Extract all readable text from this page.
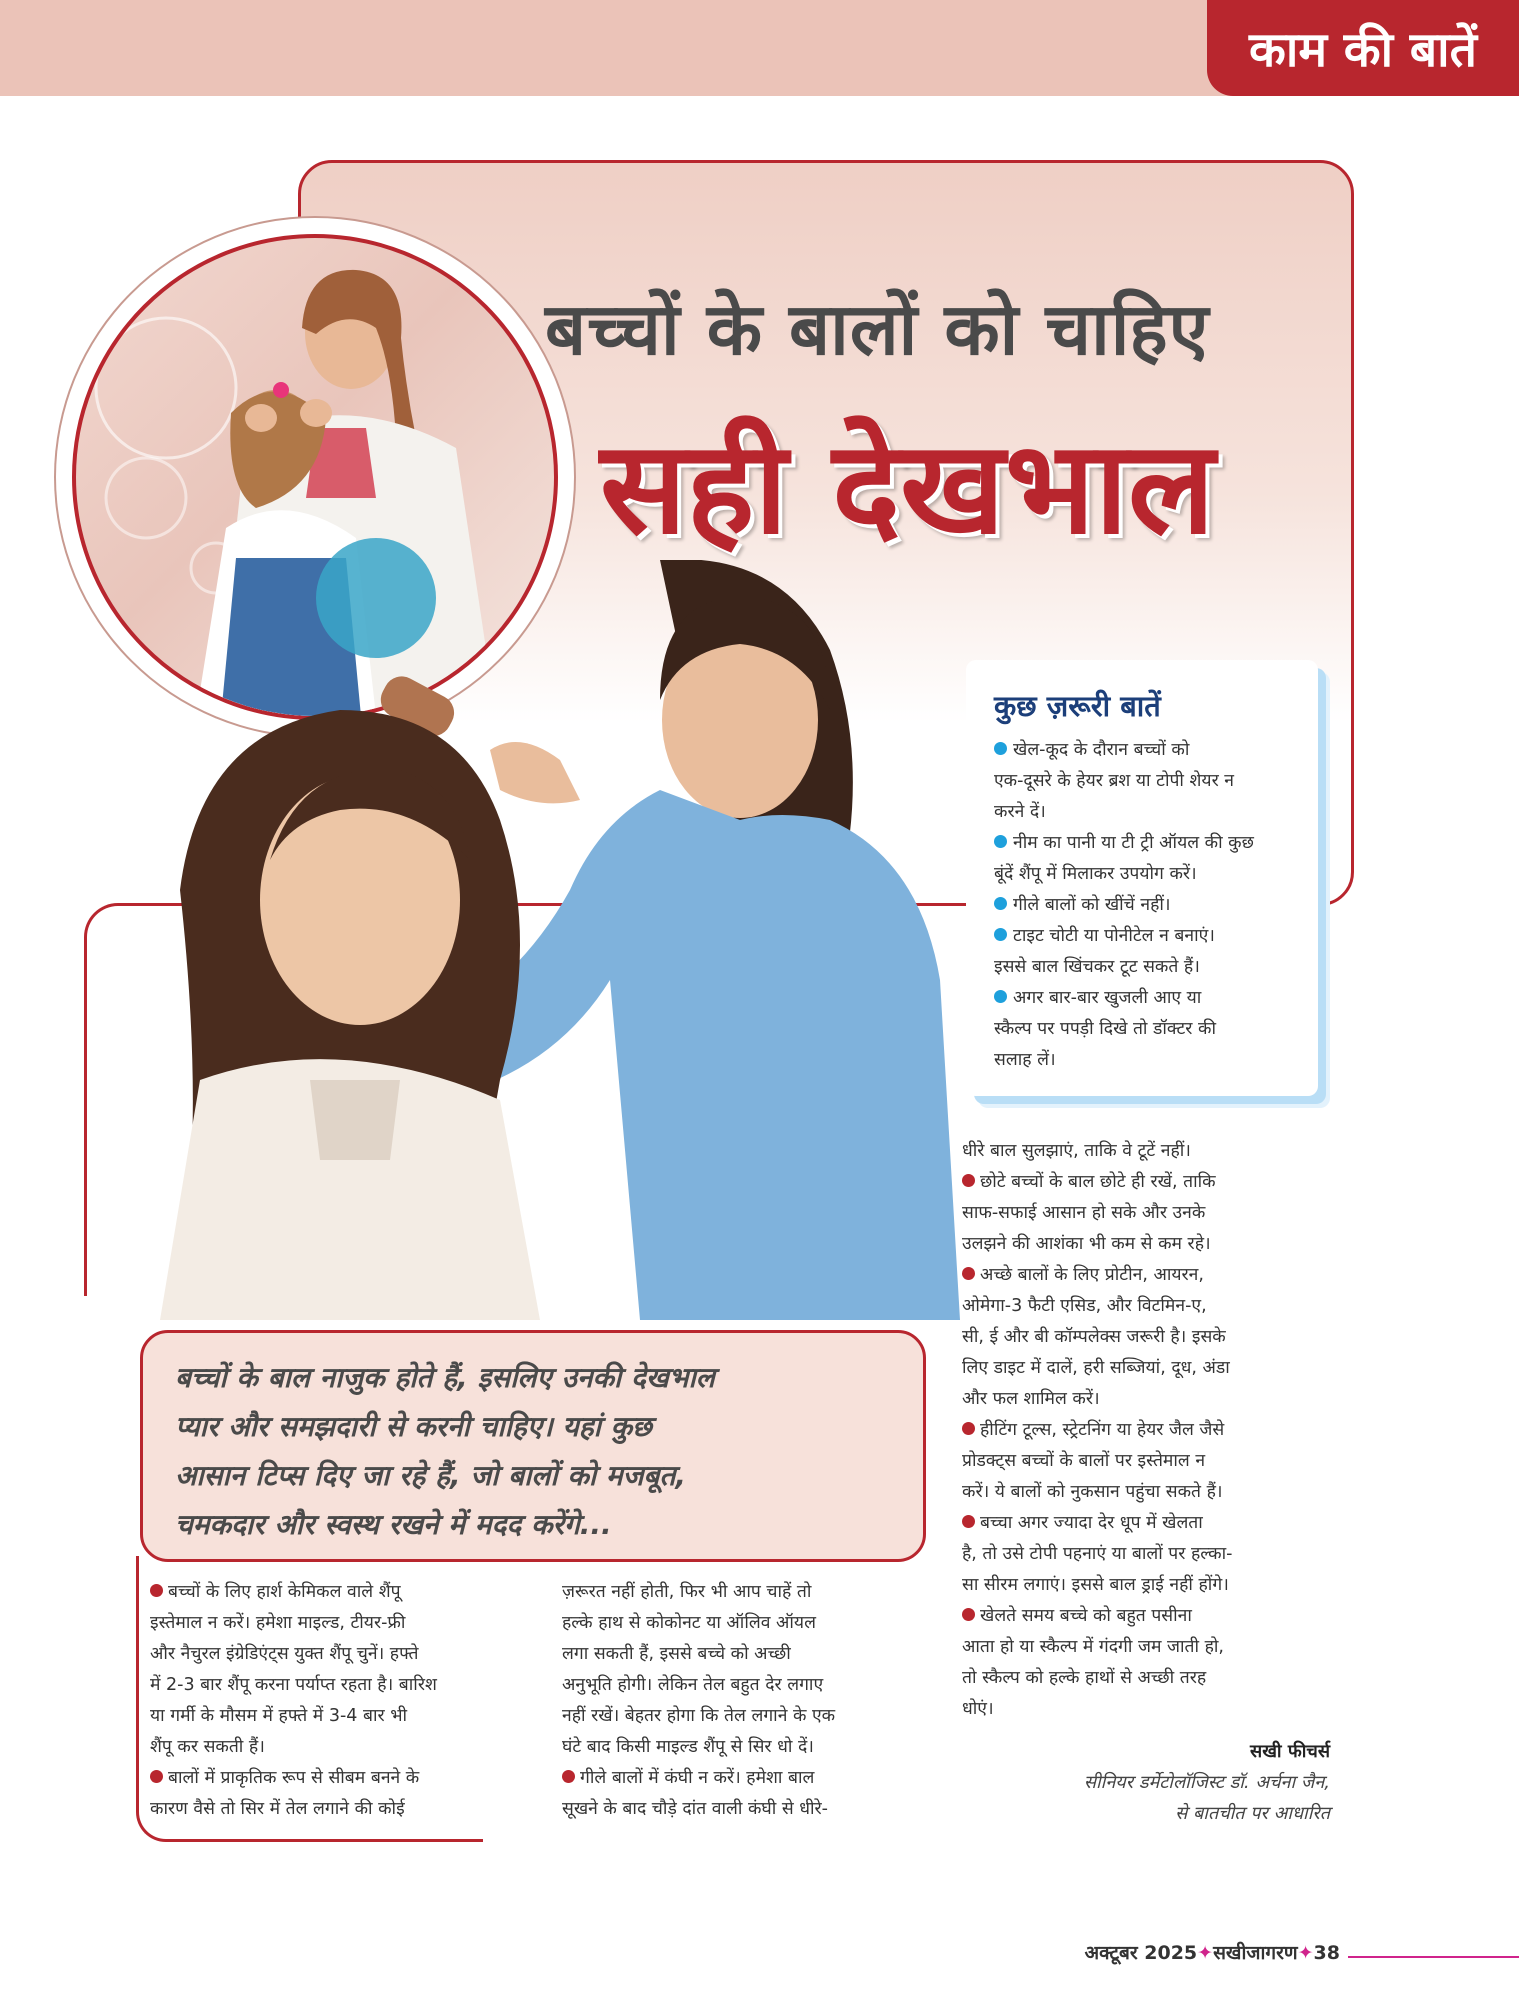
काम की बातें
बच्चों के बालों को चाहिए
सही देखभाल

कुछ ज़रूरी बातें

खेल-कूद के दौरान बच्चों को
एक-दूसरे के हेयर ब्रश या टोपी शेयर न
करने दें।

नीम का पानी या टी ट्री ऑयल की कुछ
बूंदें शैंपू में मिलाकर उपयोग करें।

गीले बालों को खींचें नहीं।

टाइट चोटी या पोनीटेल न बनाएं।
इससे बाल खिंचकर टूट सकते हैं।

अगर बार-बार खुजली आए या
स्कैल्प पर पपड़ी दिखे तो डॉक्टर की
सलाह लें।

बच्चों के बाल नाजुक होते हैं, इसलिए उनकी देखभाल
प्यार और समझदारी से करनी चाहिए। यहां कुछ
आसान टिप्स दिए जा रहे हैं, जो बालों को मजबूत,
चमकदार और स्वस्थ रखने में मदद करेंगे...

बच्चों के लिए हार्श केमिकल वाले शैंपू
इस्तेमाल न करें। हमेशा माइल्ड, टीयर-फ्री
और नैचुरल इंग्रेडिएंट्स युक्त शैंपू चुनें। हफ्ते
में 2-3 बार शैंपू करना पर्याप्त रहता है। बारिश
या गर्मी के मौसम में हफ्ते में 3-4 बार भी
शैंपू कर सकती हैं।
बालों में प्राकृतिक रूप से सीबम बनने के
कारण वैसे तो सिर में तेल लगाने की कोई

ज़रूरत नहीं होती, फिर भी आप चाहें तो
हल्के हाथ से कोकोनट या ऑलिव ऑयल
लगा सकती हैं, इससे बच्चे को अच्छी
अनुभूति होगी। लेकिन तेल बहुत देर लगाए
नहीं रखें। बेहतर होगा कि तेल लगाने के एक
घंटे बाद किसी माइल्ड शैंपू से सिर धो दें।
गीले बालों में कंघी न करें। हमेशा बाल
सूखने के बाद चौड़े दांत वाली कंघी से धीरे-

धीरे बाल सुलझाएं, ताकि वे टूटें नहीं।
छोटे बच्चों के बाल छोटे ही रखें, ताकि
साफ-सफाई आसान हो सके और उनके
उलझने की आशंका भी कम से कम रहे।
अच्छे बालों के लिए प्रोटीन, आयरन,
ओमेगा-3 फैटी एसिड, और विटमिन-ए,
सी, ई और बी कॉम्पलेक्स जरूरी है। इसके
लिए डाइट में दालें, हरी सब्जियां, दूध, अंडा
और फल शामिल करें।
हीटिंग टूल्स, स्ट्रेटनिंग या हेयर जैल जैसे
प्रोडक्ट्स बच्चों के बालों पर इस्तेमाल न
करें। ये बालों को नुकसान पहुंचा सकते हैं।
बच्चा अगर ज्यादा देर धूप में खेलता
है, तो उसे टोपी पहनाएं या बालों पर हल्का-
सा सीरम लगाएं। इससे बाल ड्राई नहीं होंगे।
खेलते समय बच्चे को बहुत पसीना
आता हो या स्कैल्प में गंदगी जम जाती हो,
तो स्कैल्प को हल्के हाथों से अच्छी तरह
धोएं।

सखी फीचर्स
सीनियर डर्मेटोलॉजिस्ट डॉ. अर्चना जैन,
से बातचीत पर आधारित
अक्टूबर 2025✦सखीजागरण✦38
